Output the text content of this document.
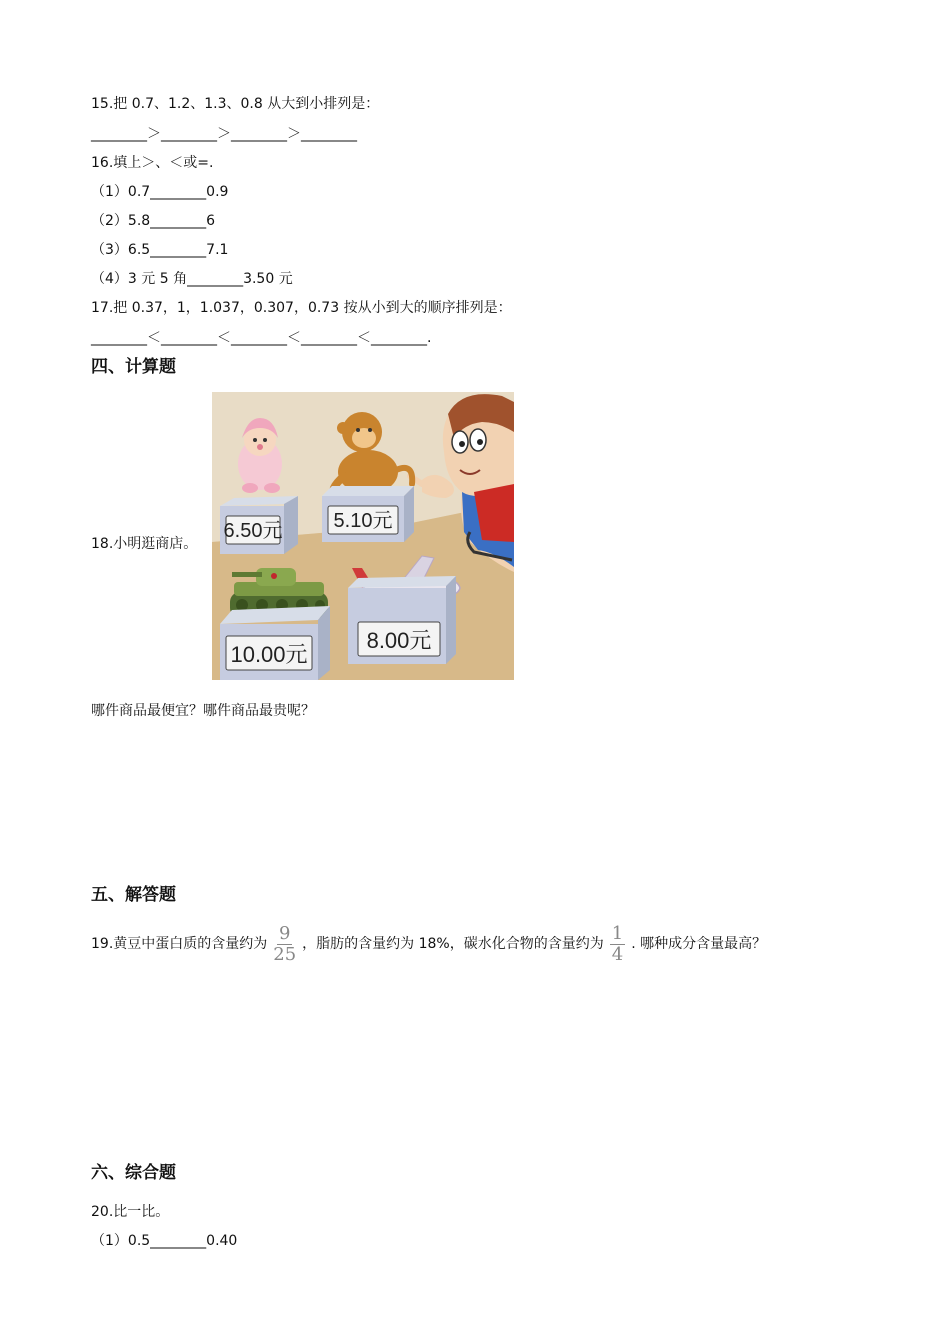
15.把 0.7、1.2、1.3、0.8 从大到小排列是：
________＞________＞________＞________
16.填上＞、＜或=.
（1）0.7________0.9
（2）5.8________6
（3）6.5________7.1
（4）3 元 5 角________3.50 元
17.把 0.37，1，1.037，0.307，0.73 按从小到大的顺序排列是：
________＜________＜________＜________＜________.
四、计算题
18.小明逛商店。
6.50元	5.10元
10.00元
8.00元
哪件商品最便宜？哪件商品最贵呢？
五、解答题
19.黄豆中蛋白质的含量约为 $\frac{9}{25}$ ，脂肪的含量约为 18%，碳水化合物的含量约为 $\frac{1}{4}$ . 哪种成分含量最高？
六、综合题
20.比一比。
（1）0.5________0.40
